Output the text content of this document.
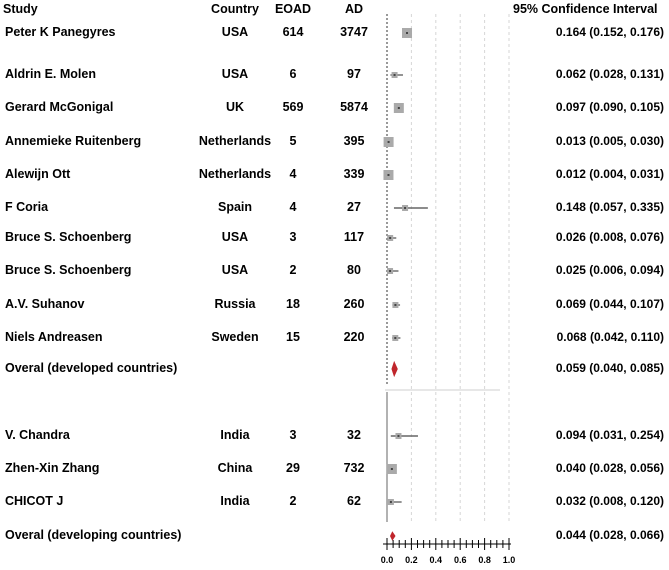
Study	Country EOAD	AD	95% Confidence Interval
Peter K Panegyres	USA	614	3747	0.164 (0.152, 0.176)
Aldrin E. Molen	USA	6	97	0.062 (0.028, 0.131)
Gerard McGonigal	UK	569	5874	0.097 (0.090, 0.105)
Annemieke Ruitenberg	Netherlands 5	395	0.013 (0.005, 0.030)
Alewijn Ott	Netherlands 4	339	0.012 (0.004, 0.031)
F Coria	Spain	4	27	0.148 (0.057, 0.335)
Bruce S. Schoenberg	USA	3	117	0.026 (0.008, 0.076)
Bruce S. Schoenberg	USA	2	80	0.025 (0.006, 0.094)
A.V. Suhanov	Russia 18	260	0.069 (0.044, 0.107)
Niels Andreasen	Sweden 15	220	0.068 (0.042, 0.110)
Overal (developed countries)	0.059 (0.040, 0.085)
V. Chandra	India	3	32	0.094 (0.031, 0.254)
Zhen-Xin Zhang	China	29	732	0.040 (0.028, 0.056)
CHICOT J	India	2	62	0.032 (0.008, 0.120)
Overal (developing countries)	0.044 (0.028, 0.066)
0.0 0.2 0.4 0.6 0.8 1.0
